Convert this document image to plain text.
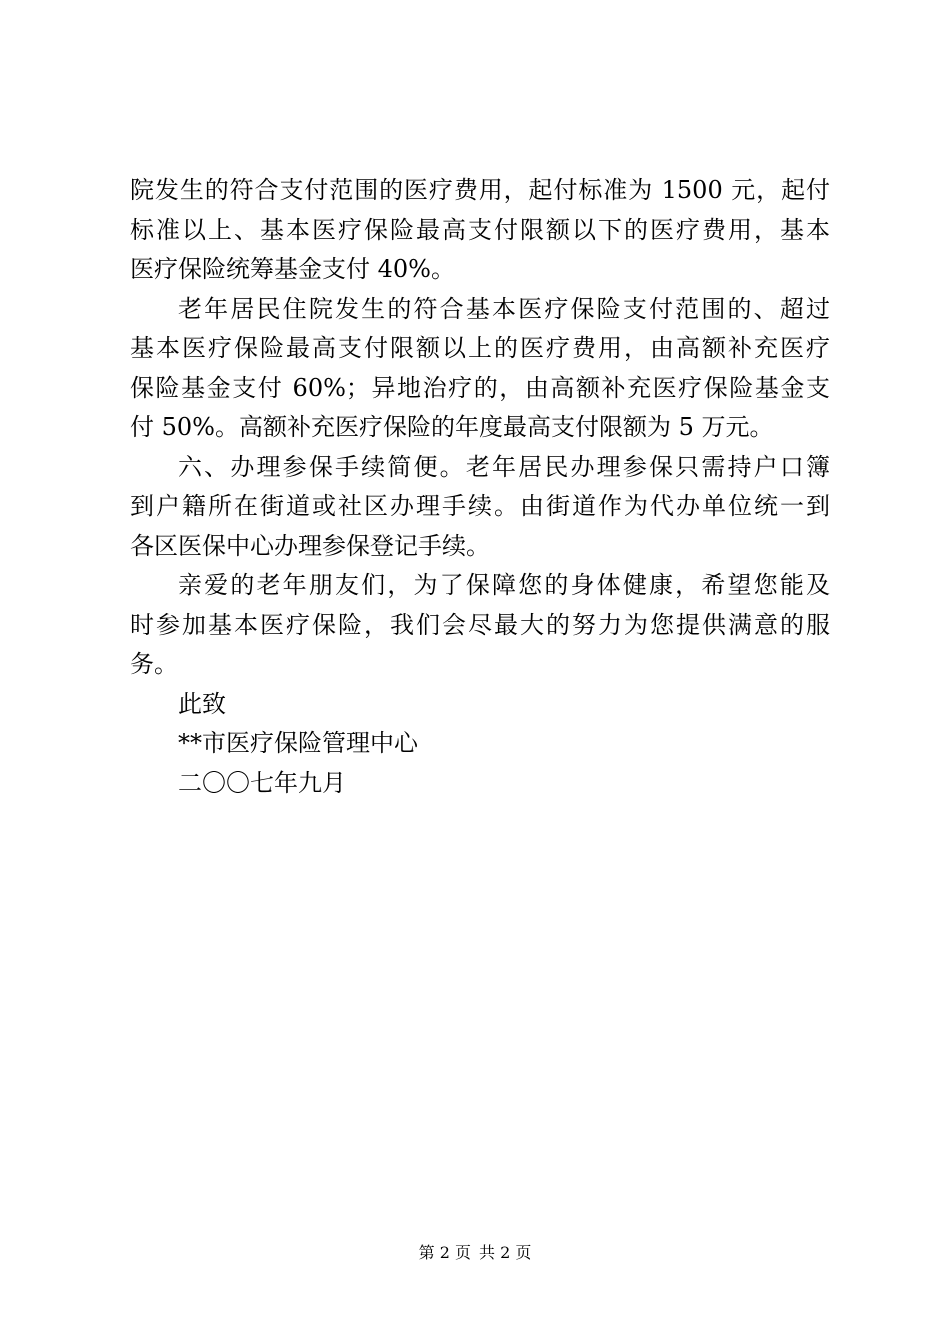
院发生的符合支付范围的医疗费用，起付标准为 1500 元，起付
标准以上、基本医疗保险最高支付限额以下的医疗费用，基本
医疗保险统筹基金支付 40%。
老年居民住院发生的符合基本医疗保险支付范围的、超过
基本医疗保险最高支付限额以上的医疗费用，由高额补充医疗
保险基金支付 60%；异地治疗的，由高额补充医疗保险基金支
付 50%。高额补充医疗保险的年度最高支付限额为 5 万元。
六、办理参保手续简便。老年居民办理参保只需持户口簿
到户籍所在街道或社区办理手续。由街道作为代办单位统一到
各区医保中心办理参保登记手续。
亲爱的老年朋友们，为了保障您的身体健康，希望您能及
时参加基本医疗保险，我们会尽最大的努力为您提供满意的服
务。
此致
**市医疗保险管理中心
二〇〇七年九月
第 2 页 共 2 页
